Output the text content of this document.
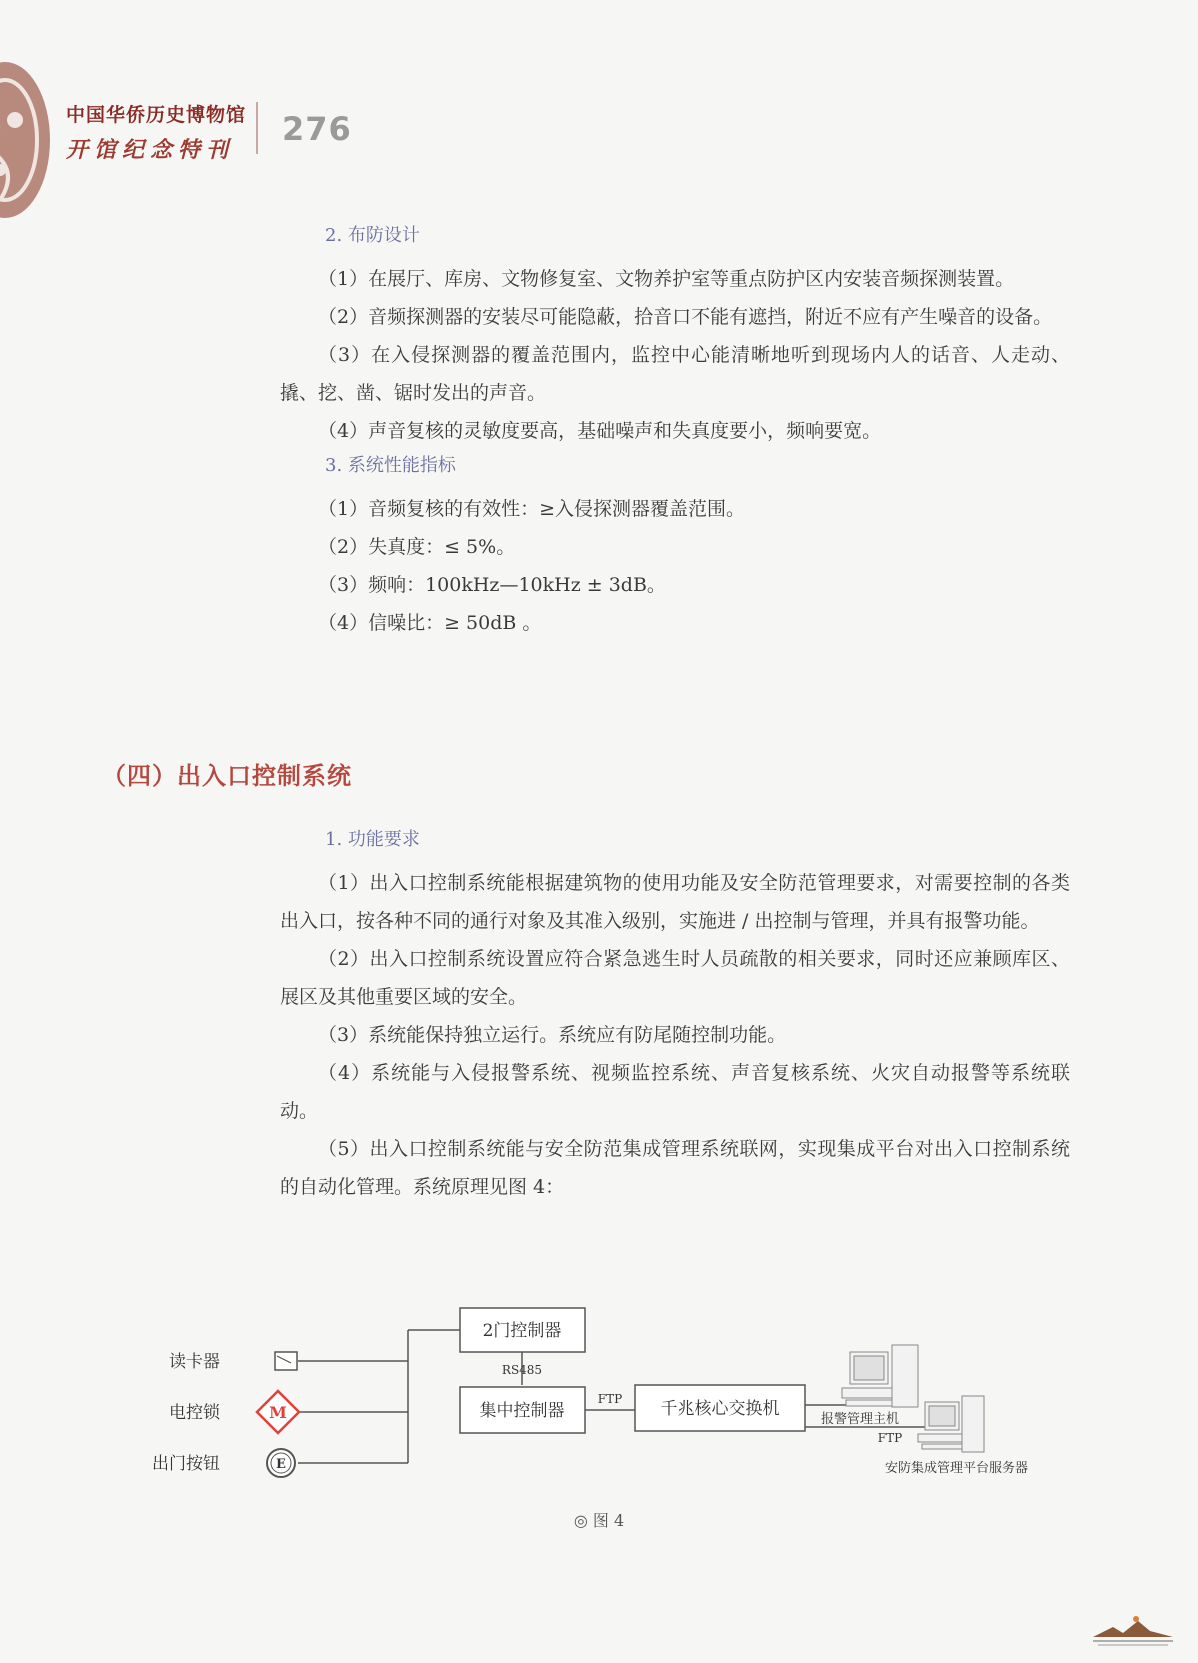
中国华侨历史博物馆
开馆纪念特刊
276
2. 布防设计

（1）在展厅、库房、文物修复室、文物养护室等重点防护区内安装音频探测装置。

（2）音频探测器的安装尽可能隐蔽，拾音口不能有遮挡，附近不应有产生噪音的设备。

（3）在入侵探测器的覆盖范围内，监控中心能清晰地听到现场内人的话音、人走动、撬、挖、凿、锯时发出的声音。

（4）声音复核的灵敏度要高，基础噪声和失真度要小，频响要宽。

3. 系统性能指标

（1）音频复核的有效性：≥入侵探测器覆盖范围。

（2）失真度：≤ 5%。

（3）频响：100kHz—10kHz ± 3dB。

（4）信噪比：≥ 50dB 。

（四）出入口控制系统
1. 功能要求

（1）出入口控制系统能根据建筑物的使用功能及安全防范管理要求，对需要控制的各类出入口，按各种不同的通行对象及其准入级别，实施进 / 出控制与管理，并具有报警功能。

（2）出入口控制系统设置应符合紧急逃生时人员疏散的相关要求，同时还应兼顾库区、展区及其他重要区域的安全。

（3）系统能保持独立运行。系统应有防尾随控制功能。

（4）系统能与入侵报警系统、视频监控系统、声音复核系统、火灾自动报警等系统联动。

（5）出入口控制系统能与安全防范集成管理系统联网，实现集成平台对出入口控制系统的自动化管理。系统原理见图 4：

M
E
读卡器
电控锁
出门按钮
2门控制器
RS485
集中控制器
FTP 千兆核心交换机
报警管理主机
FTP
安防集成管理平台服务器
◎ 图 4
